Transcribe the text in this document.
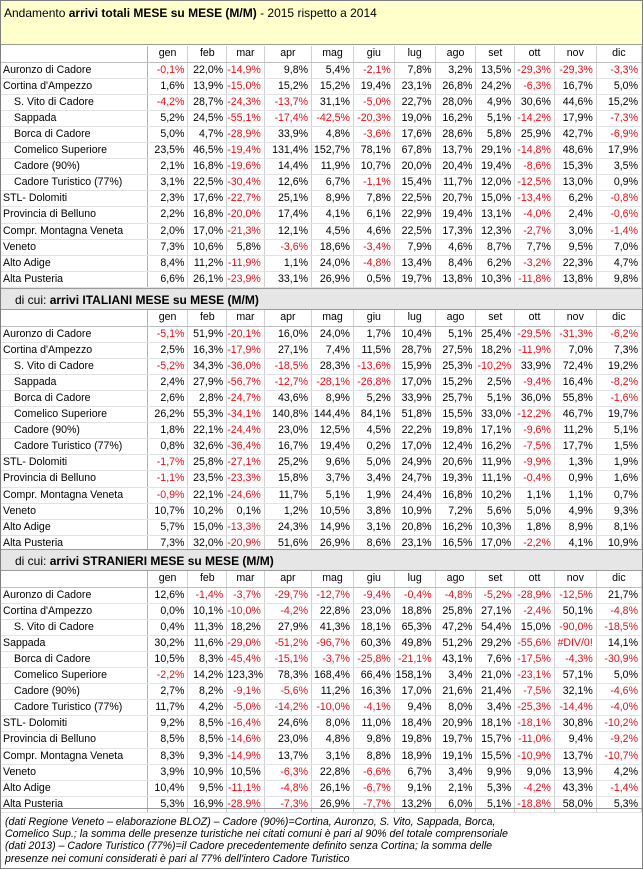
Andamento arrivi totali MESE su MESE (M/M) - 2015 rispetto a 2014
	gen	feb	mar	apr	mag	giu	lug	ago	set	ott	nov	dic
Auronzo di Cadore	-0,1%	22,0%	-14,9%	9,8%	5,4%	-2,1%	7,8%	3,2%	13,5%	-29,3%	-29,3%	-3,3%
Cortina d'Ampezzo	1,6%	13,9%	-15,0%	15,2%	15,2%	19,4%	23,1%	26,8%	24,2%	-6,3%	16,7%	5,0%
S. Vito di Cadore	-4,2%	28,7%	-24,3%	-13,7%	31,1%	-5,0%	22,7%	28,0%	4,9%	30,6%	44,6%	15,2%
Sappada	5,2%	24,5%	-55,1%	-17,4%	-42,5%	-20,3%	19,0%	16,2%	5,1%	-14,2%	17,9%	-7,3%
Borca di Cadore	5,0%	4,7%	-28,9%	33,9%	4,8%	-3,6%	17,6%	28,6%	5,8%	25,9%	42,7%	-6,9%
Comelico Superiore	23,5%	46,5%	-19,4%	131,4%	152,7%	78,1%	67,8%	13,7%	29,1%	-14,8%	48,6%	17,9%
Cadore (90%)	2,1%	16,8%	-19,6%	14,4%	11,9%	10,7%	20,0%	20,4%	19,4%	-8,6%	15,3%	3,5%
Cadore Turistico (77%)	3,1%	22,5%	-30,4%	12,6%	6,7%	-1,1%	15,4%	11,7%	12,0%	-12,5%	13,0%	0,9%
STL- Dolomiti	2,3%	17,6%	-22,7%	25,1%	8,9%	7,8%	22,5%	20,7%	15,0%	-13,4%	6,2%	-0,8%
Provincia di Belluno	2,2%	16,8%	-20,0%	17,4%	4,1%	6,1%	22,9%	19,4%	13,1%	-4,0%	2,4%	-0,6%
Compr. Montagna Veneta	2,0%	17,0%	-21,3%	12,1%	4,5%	4,6%	22,5%	17,3%	12,3%	-2,7%	3,0%	-1,4%
Veneto	7,3%	10,6%	5,8%	-3,6%	18,6%	-3,4%	7,9%	4,6%	8,7%	7,7%	9,5%	7,0%
Alto Adige	8,4%	11,2%	-11,9%	1,1%	24,0%	-4,8%	13,4%	8,4%	6,2%	-3,2%	22,3%	4,7%
Alta Pusteria	6,6%	26,1%	-23,9%	33,1%	26,9%	0,5%	19,7%	13,8%	10,3%	-11,8%	13,8%	9,8%
di cui: arrivi ITALIANI MESE su MESE (M/M)
	gen	feb	mar	apr	mag	giu	lug	ago	set	ott	nov	dic
Auronzo di Cadore	-5,1%	51,9%	-20,1%	16,0%	24,0%	1,7%	10,4%	5,1%	25,4%	-29,5%	-31,3%	-6,2%
Cortina d'Ampezzo	2,5%	16,3%	-17,9%	27,1%	7,4%	11,5%	28,7%	27,5%	18,2%	-11,9%	7,0%	7,3%
S. Vito di Cadore	-5,2%	34,3%	-36,0%	-18,5%	28,3%	-13,6%	15,9%	25,3%	-10,2%	33,9%	72,4%	19,2%
Sappada	2,4%	27,9%	-56,7%	-12,7%	-28,1%	-26,8%	17,0%	15,2%	2,5%	-9,4%	16,4%	-8,2%
Borca di Cadore	2,6%	2,8%	-24,7%	43,6%	8,9%	5,2%	33,9%	25,7%	5,1%	36,0%	55,8%	-1,6%
Comelico Superiore	26,2%	55,3%	-34,1%	140,8%	144,4%	84,1%	51,8%	15,5%	33,0%	-12,2%	46,7%	19,7%
Cadore (90%)	1,8%	22,1%	-24,4%	23,0%	12,5%	4,5%	22,2%	19,8%	17,1%	-9,6%	11,2%	5,1%
Cadore Turistico (77%)	0,8%	32,6%	-36,4%	16,7%	19,4%	0,2%	17,0%	12,4%	16,2%	-7,5%	17,7%	1,5%
STL- Dolomiti	-1,7%	25,8%	-27,1%	25,2%	9,6%	5,0%	24,9%	20,6%	11,9%	-9,9%	1,3%	1,9%
Provincia di Belluno	-1,1%	23,5%	-23,3%	15,8%	3,7%	3,4%	24,7%	19,3%	11,1%	-0,4%	0,9%	1,6%
Compr. Montagna Veneta	-0,9%	22,1%	-24,6%	11,7%	5,1%	1,9%	24,4%	16,8%	10,2%	1,1%	1,1%	0,7%
Veneto	10,7%	10,2%	0,1%	1,2%	10,5%	3,8%	10,9%	7,2%	5,6%	5,0%	4,9%	9,3%
Alto Adige	5,7%	15,0%	-13,3%	24,3%	14,9%	3,1%	20,8%	16,2%	10,3%	1,8%	8,9%	8,1%
Alta Pusteria	7,3%	32,0%	-20,9%	51,6%	26,9%	8,6%	23,1%	16,5%	17,0%	-2,2%	4,1%	10,9%
di cui: arrivi STRANIERI MESE su MESE (M/M)
	gen	feb	mar	apr	mag	giu	lug	ago	set	ott	nov	dic
Auronzo di Cadore	12,6%	-1,4%	-3,7%	-29,7%	-12,7%	-9,4%	-0,4%	-4,8%	-5,2%	-28,9%	-12,5%	21,7%
Cortina d'Ampezzo	0,0%	10,1%	-10,0%	-4,2%	22,8%	23,0%	18,8%	25,8%	27,1%	-2,4%	50,1%	-4,8%
S. Vito di Cadore	0,4%	11,3%	18,2%	27,9%	41,3%	18,1%	65,3%	47,2%	54,4%	15,0%	-90,0%	-18,5%
Sappada	30,2%	11,6%	-29,0%	-51,2%	-96,7%	60,3%	49,8%	51,2%	29,2%	-55,6%	#DIV/0!	14,1%
Borca di Cadore	10,5%	8,3%	-45,4%	-15,1%	-3,7%	-25,8%	-21,1%	43,1%	7,6%	-17,5%	-4,3%	-30,9%
Comelico Superiore	-2,2%	14,2%	123,3%	78,3%	168,4%	66,4%	158,1%	3,4%	21,0%	-23,1%	57,1%	5,0%
Cadore (90%)	2,7%	8,2%	-9,1%	-5,6%	11,2%	16,3%	17,0%	21,6%	21,4%	-7,5%	32,1%	-4,6%
Cadore Turistico (77%)	11,7%	4,2%	-5,0%	-14,2%	-10,0%	-4,1%	9,4%	8,0%	3,4%	-25,3%	-14,4%	-4,0%
STL- Dolomiti	9,2%	8,5%	-16,4%	24,6%	8,0%	11,0%	18,4%	20,9%	18,1%	-18,1%	30,8%	-10,2%
Provincia di Belluno	8,5%	8,5%	-14,6%	23,0%	4,8%	9,8%	19,8%	19,7%	15,7%	-11,0%	9,4%	-9,2%
Compr. Montagna Veneta	8,3%	9,3%	-14,9%	13,7%	3,1%	8,8%	18,9%	19,1%	15,5%	-10,9%	13,7%	-10,7%
Veneto	3,9%	10,9%	10,5%	-6,3%	22,8%	-6,6%	6,7%	3,4%	9,9%	9,0%	13,9%	4,2%
Alto Adige	10,4%	9,5%	-11,1%	-4,8%	26,1%	-6,7%	9,1%	2,1%	5,3%	-4,2%	43,3%	-1,4%
Alta Pusteria	5,3%	16,9%	-28,9%	-7,3%	26,9%	-7,7%	13,2%	6,0%	5,1%	-18,8%	58,0%	5,3%
(dati Regione Veneto – elaborazione BLOZ) – Cadore (90%)=Cortina, Auronzo, S. Vito, Sappada, Borca,
Comelico Sup.; la somma delle presenze turistiche nei citati comuni è pari al 90% del totale comprensoriale
(dati 2013) – Cadore Turistico (77%)=il Cadore precedentemente definito senza Cortina; la somma delle
presenze nei comuni considerati è pari al 77% dell'intero Cadore Turistico
